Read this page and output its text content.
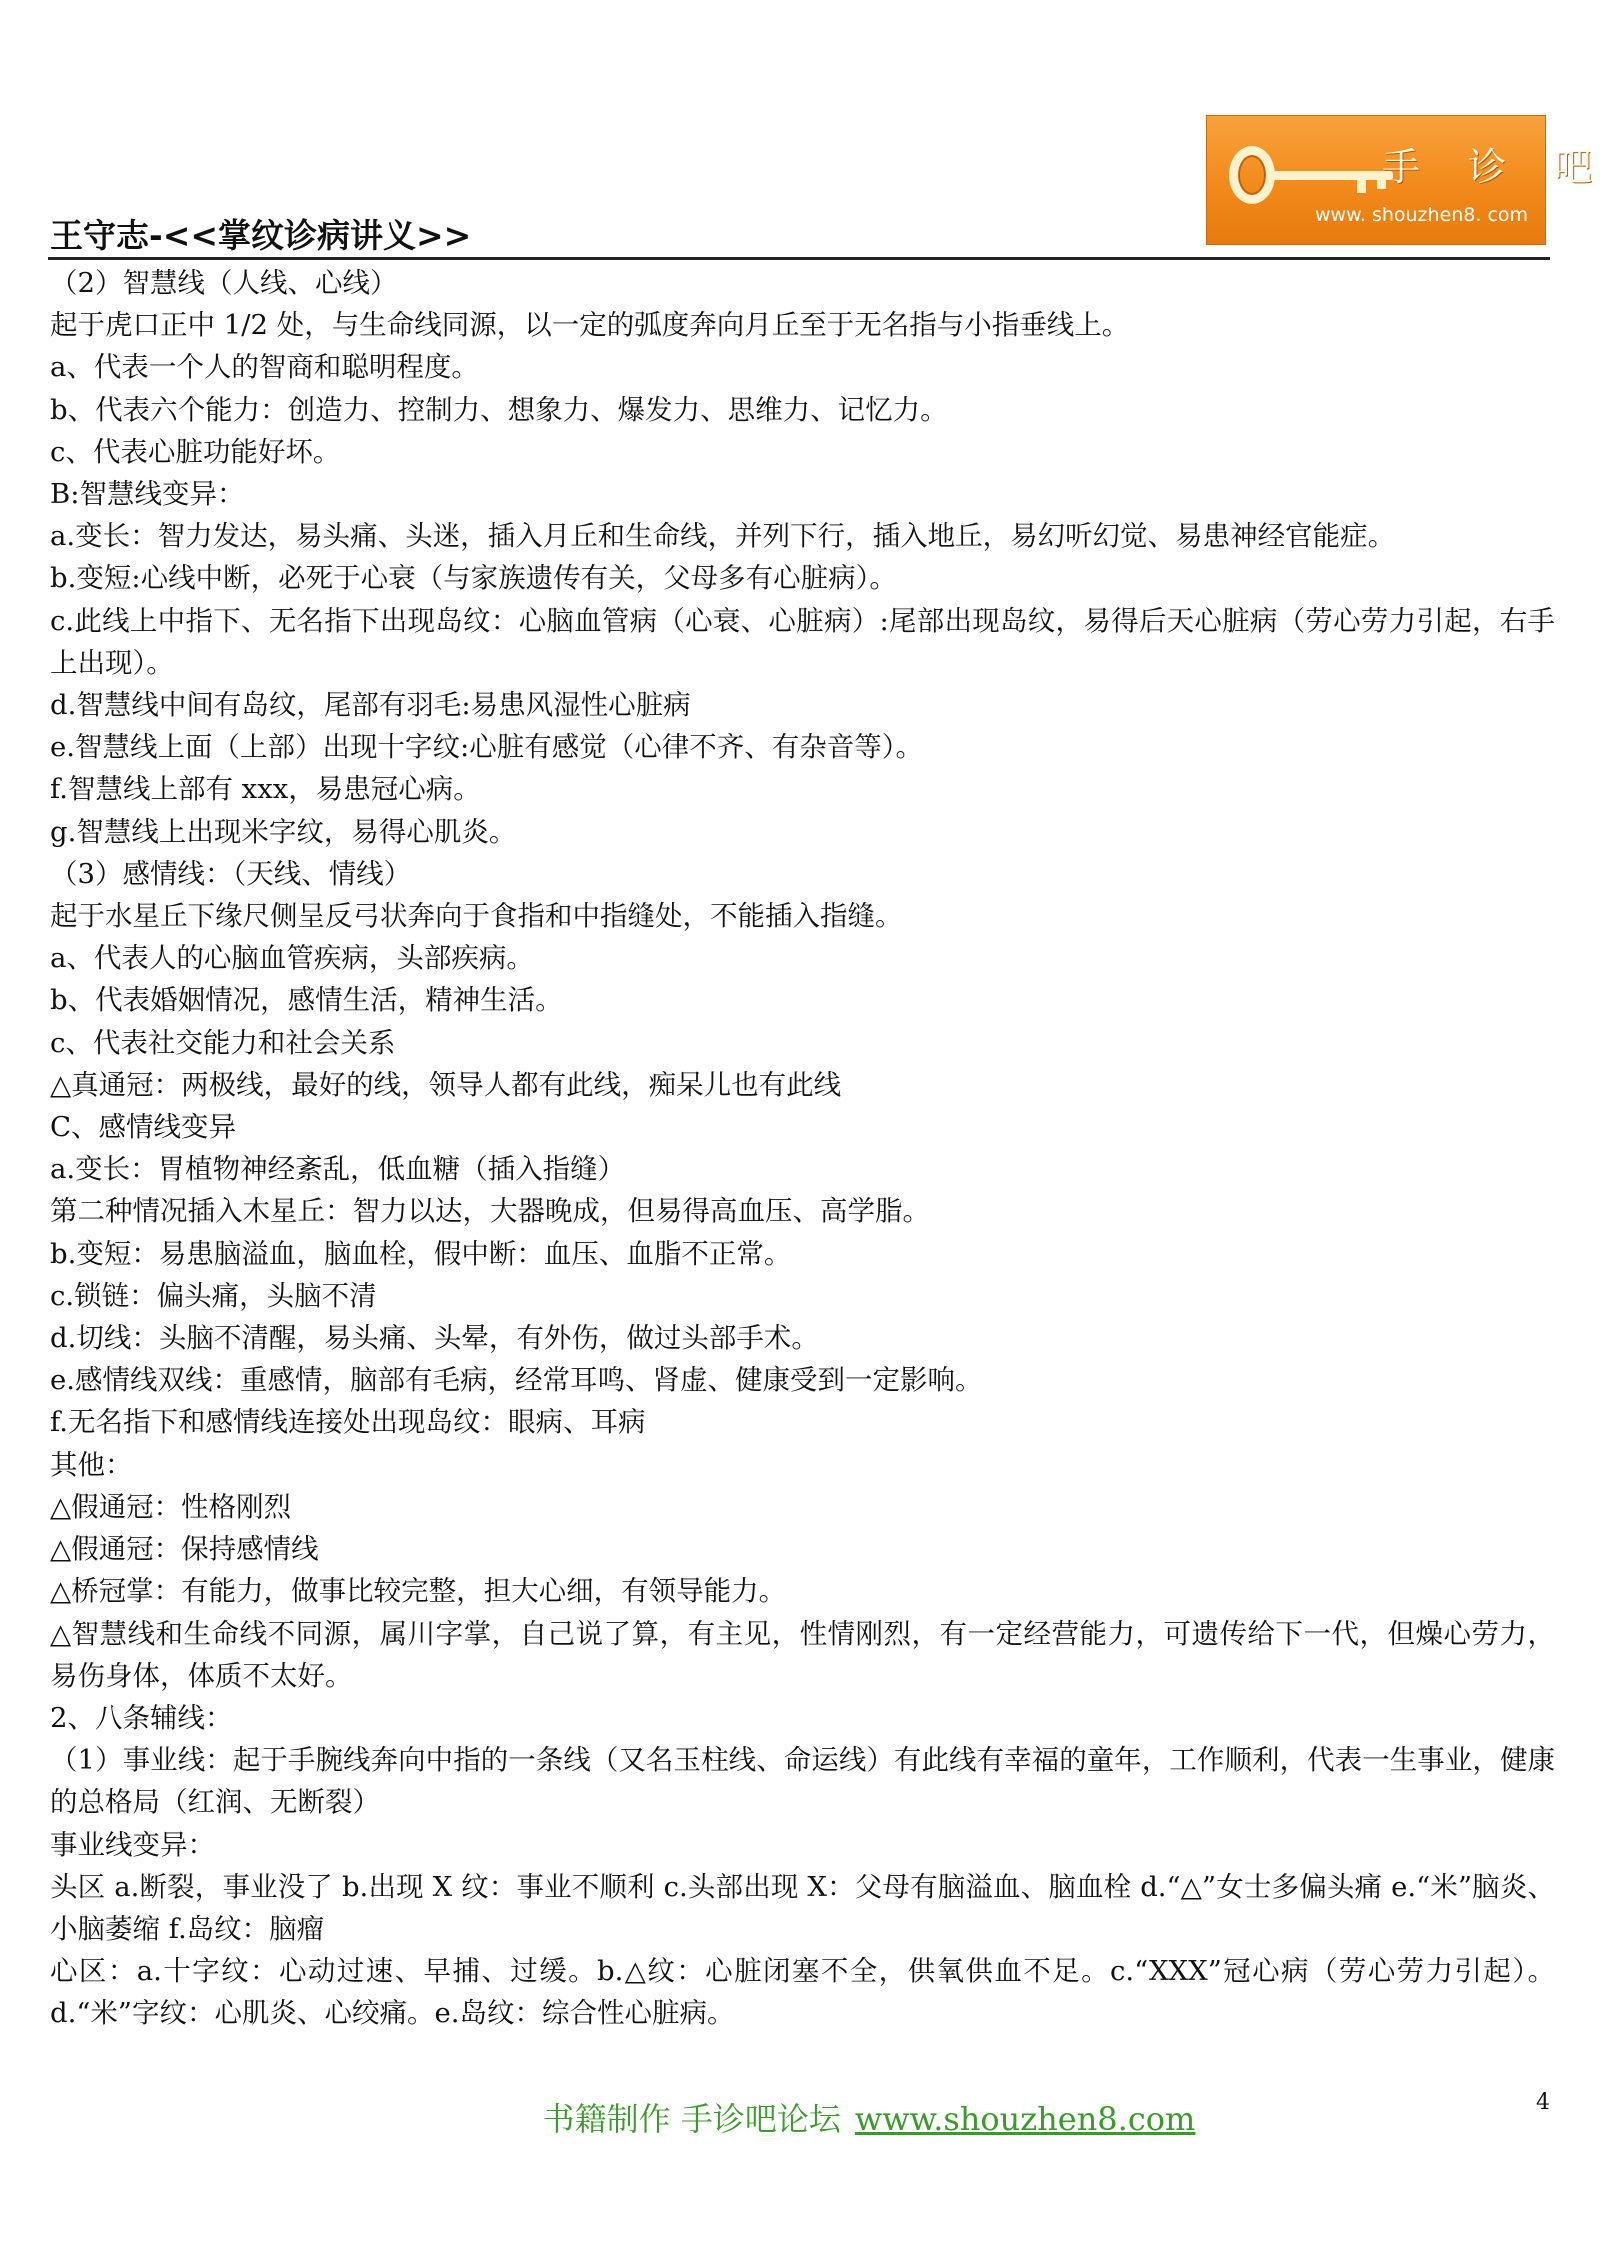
手 诊 吧
www. shouzhen8. com
王守志-<<掌纹诊病讲义>>

（2）智慧线（人线、心线）

起于虎口正中 1/2 处，与生命线同源，以一定的弧度奔向月丘至于无名指与小指垂线上。

a、代表一个人的智商和聪明程度。

b、代表六个能力：创造力、控制力、想象力、爆发力、思维力、记忆力。

c、代表心脏功能好坏。

B:智慧线变异：

a.变长：智力发达，易头痛、头迷，插入月丘和生命线，并列下行，插入地丘，易幻听幻觉、易患神经官能症。

b.变短:心线中断，必死于心衰（与家族遗传有关，父母多有心脏病）。

c.此线上中指下、无名指下出现岛纹：心脑血管病（心衰、心脏病）:尾部出现岛纹，易得后天心脏病（劳心劳力引起，右手上出现）。

d.智慧线中间有岛纹，尾部有羽毛:易患风湿性心脏病

e.智慧线上面（上部）出现十字纹:心脏有感觉（心律不齐、有杂音等）。

f.智慧线上部有 xxx，易患冠心病。

g.智慧线上出现米字纹，易得心肌炎。

（3）感情线：（天线、情线）

起于水星丘下缘尺侧呈反弓状奔向于食指和中指缝处，不能插入指缝。

a、代表人的心脑血管疾病，头部疾病。

b、代表婚姻情况，感情生活，精神生活。

c、代表社交能力和社会关系

△真通冠：两极线，最好的线，领导人都有此线，痴呆儿也有此线

C、感情线变异

a.变长：胃植物神经紊乱，低血糖（插入指缝）

第二种情况插入木星丘：智力以达，大器晚成，但易得高血压、高学脂。

b.变短：易患脑溢血，脑血栓，假中断：血压、血脂不正常。

c.锁链：偏头痛，头脑不清

d.切线：头脑不清醒，易头痛、头晕，有外伤，做过头部手术。

e.感情线双线：重感情，脑部有毛病，经常耳鸣、肾虚、健康受到一定影响。

f.无名指下和感情线连接处出现岛纹：眼病、耳病

其他：

△假通冠：性格刚烈

△假通冠：保持感情线

△桥冠掌：有能力，做事比较完整，担大心细，有领导能力。

△智慧线和生命线不同源，属川字掌，自己说了算，有主见，性情刚烈，有一定经营能力，可遗传给下一代，但燥心劳力，易伤身体，体质不太好。

2、八条辅线：

（1）事业线：起于手腕线奔向中指的一条线（又名玉柱线、命运线）有此线有幸福的童年，工作顺利，代表一生事业，健康的总格局（红润、无断裂）

事业线变异：

头区 a.断裂，事业没了 b.出现 X 纹：事业不顺利 c.头部出现 X：父母有脑溢血、脑血栓 d.“△”女士多偏头痛 e.“米”脑炎、小脑萎缩 f.岛纹：脑瘤

心区：a.十字纹：心动过速、早捕、过缓。b.△纹：心脏闭塞不全，供氧供血不足。c.“XXX”冠心病（劳心劳力引起）。d.“米”字纹：心肌炎、心绞痛。e.岛纹：综合性心脏病。

书籍制作 手诊吧论坛 www.shouzhen8.com	4
